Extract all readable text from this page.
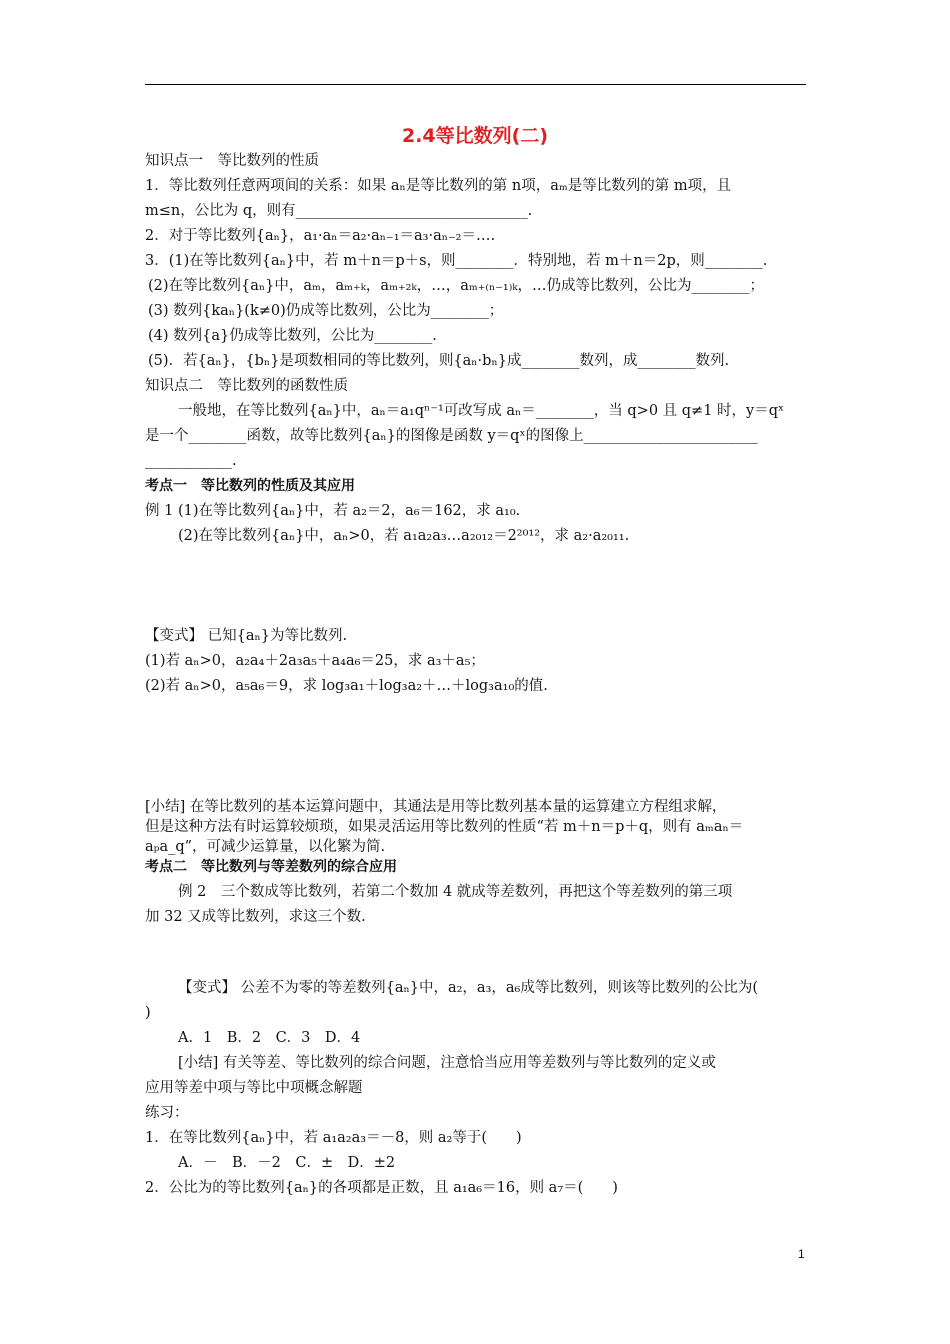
2.4等比数列(二)
知识点一　等比数列的性质
1．等比数列任意两项间的关系：如果 aₙ是等比数列的第 n项，aₘ是等比数列的第 m项，且
m≤n，公比为 q，则有________________________________.
2．对于等比数列{aₙ}，a₁·aₙ＝a₂·aₙ₋₁＝a₃·aₙ₋₂＝….
3．(1)在等比数列{aₙ}中，若 m＋n＝p＋s，则________．特别地，若 m＋n＝2p，则________.
(2)在等比数列{aₙ}中，aₘ，aₘ₊ₖ，aₘ₊₂ₖ，…，aₘ₊₍ₙ₋₁₎ₖ，…仍成等比数列，公比为________；
(3) 数列{kaₙ}(k≠0)仍成等比数列，公比为________；
(4) 数列{a}仍成等比数列，公比为________.
(5)．若{aₙ}，{bₙ}是项数相同的等比数列，则{aₙ·bₙ}成________数列，成________数列.
知识点二　等比数列的函数性质
一般地，在等比数列{aₙ}中，aₙ＝a₁qⁿ⁻¹可改写成 aₙ＝________，当 q>0 且 q≠1 时，y＝qˣ
是一个________函数，故等比数列{aₙ}的图像是函数 y＝qˣ的图像上________________________
____________.
考点一　等比数列的性质及其应用
例 1 (1)在等比数列{aₙ}中，若 a₂＝2，a₆＝162，求 a₁₀.
(2)在等比数列{aₙ}中，aₙ>0，若 a₁a₂a₃…a₂₀₁₂＝2²⁰¹²，求 a₂·a₂₀₁₁.
【变式】 已知{aₙ}为等比数列.
(1)若 aₙ>0，a₂a₄＋2a₃a₅＋a₄a₆＝25，求 a₃＋a₅；
(2)若 aₙ>0，a₅a₆＝9，求 log₃a₁＋log₃a₂＋…＋log₃a₁₀的值.
[小结] 在等比数列的基本运算问题中，其通法是用等比数列基本量的运算建立方程组求解，
但是这种方法有时运算较烦琐，如果灵活运用等比数列的性质“若 m＋n＝p＋q，则有 aₘaₙ＝
aₚa_q”，可减少运算量，以化繁为简.
考点二　等比数列与等差数列的综合应用
例 2　三个数成等比数列，若第二个数加 4 就成等差数列，再把这个等差数列的第三项
加 32 又成等比数列，求这三个数.
【变式】 公差不为零的等差数列{aₙ}中，a₂，a₃，a₆成等比数列，则该等比数列的公比为(
)
A．1　B．2　C．3　D．4
[小结] 有关等差、等比数列的综合问题，注意恰当应用等差数列与等比数列的定义或
应用等差中项与等比中项概念解题
练习：
1．在等比数列{aₙ}中，若 a₁a₂a₃＝－8，则 a₂等于(　　)
A．－　B．－2　C．±　D．±2
2．公比为的等比数列{aₙ}的各项都是正数，且 a₁a₆＝16，则 a₇＝(　　)
1
